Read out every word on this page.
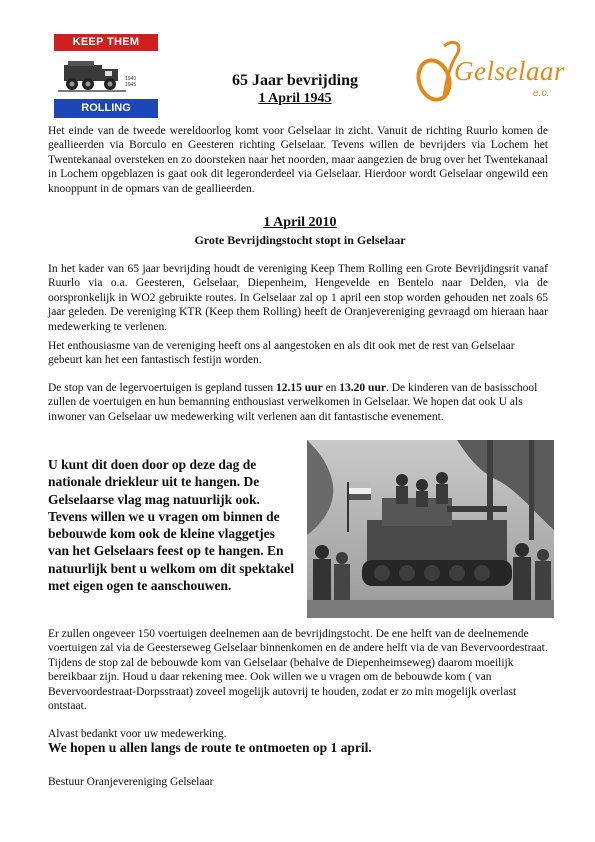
KEEP THEM
1940
1945
ROLLING
65 Jaar bevrijding
1 April 1945
Gelselaar
e.o.

Het einde van de tweede wereldoorlog komt voor Gelselaar in zicht. Vanuit de richting Ruurlo komen de geallieerden via Borculo en Geesteren richting Gelselaar. Tevens willen de bevrijders via Lochem het Twentekanaal oversteken en zo doorsteken naar het noorden, maar aangezien de brug over het Twentekanaal in Lochem opgeblazen is gaat ook dit legeronderdeel via Gelselaar. Hierdoor wordt Gelselaar ongewild een knooppunt in de opmars van de geallieerden.

1 April 2010
Grote Bevrijdingstocht stopt in Gelselaar

In het kader van 65 jaar bevrijding houdt de vereniging Keep Them Rolling een Grote Bevrijdingsrit vanaf Ruurlo via o.a. Geesteren, Gelselaar, Diepenheim, Hengevelde en Bentelo naar Delden, via de oorspronkelijk in WO2 gebruikte routes. In Gelselaar zal op 1 april een stop worden gehouden net zoals 65 jaar geleden. De vereniging KTR (Keep them Rolling) heeft de Oranjevereniging gevraagd om hieraan haar medewerking te verlenen.

Het enthousiasme van de vereniging heeft ons al aangestoken en als dit ook met de rest van Gelselaar gebeurt kan het een fantastisch festijn worden.

De stop van de legervoertuigen is gepland tussen 12.15 uur en 13.20 uur. De kinderen van de basisschool zullen de voertuigen en hun bemanning enthousiast verwelkomen in Gelselaar. We hopen dat ook U als inwoner van Gelselaar uw medewerking wilt verlenen aan dit fantastische evenement.

U kunt dit doen door op deze dag de nationale driekleur uit te hangen. De Gelselaarse vlag mag natuurlijk ook. Tevens willen we u vragen om binnen de bebouwde kom ook de kleine vlaggetjes van het Gelselaars feest op te hangen. En natuurlijk bent u welkom om dit spektakel met eigen ogen te aanschouwen.

Er zullen ongeveer 150 voertuigen deelnemen aan de bevrijdingstocht. De ene helft van de deelnemende voertuigen zal via de Geesterseweg Gelselaar binnenkomen en de andere helft via de van Bevervoordestraat. Tijdens de stop zal de bebouwde kom van Gelselaar (behalve de Diepenheimseweg) daarom moeilijk bereikbaar zijn. Houd u daar rekening mee. Ook willen we u vragen om de bebouwde kom ( van Bevervoordestraat-Dorpsstraat) zoveel mogelijk autovrij te houden, zodat er zo min mogelijk overlast ontstaat.

Alvast bedankt voor uw medewerking.

We hopen u allen langs de route te ontmoeten op 1 april.

Bestuur Oranjevereniging Gelselaar
